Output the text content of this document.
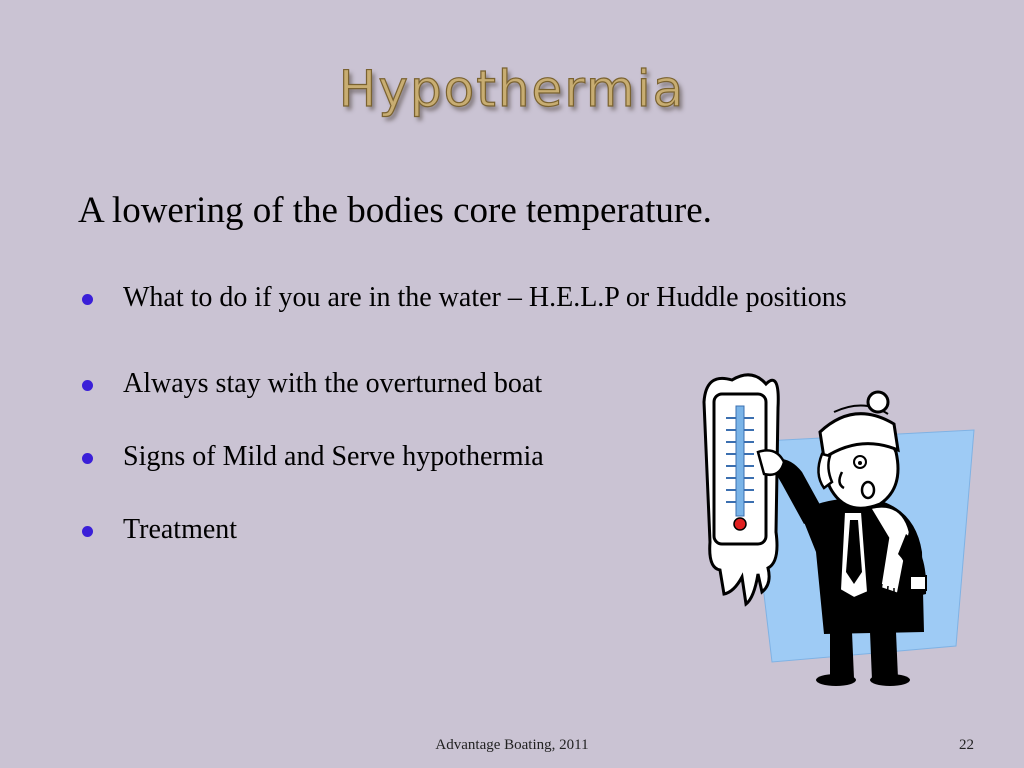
Hypothermia
A lowering of the bodies core temperature.
What to do if you are in the water – H.E.L.P or Huddle positions
Always stay with the overturned boat
Signs of Mild and Serve hypothermia
Treatment
Advantage Boating, 2011	22
